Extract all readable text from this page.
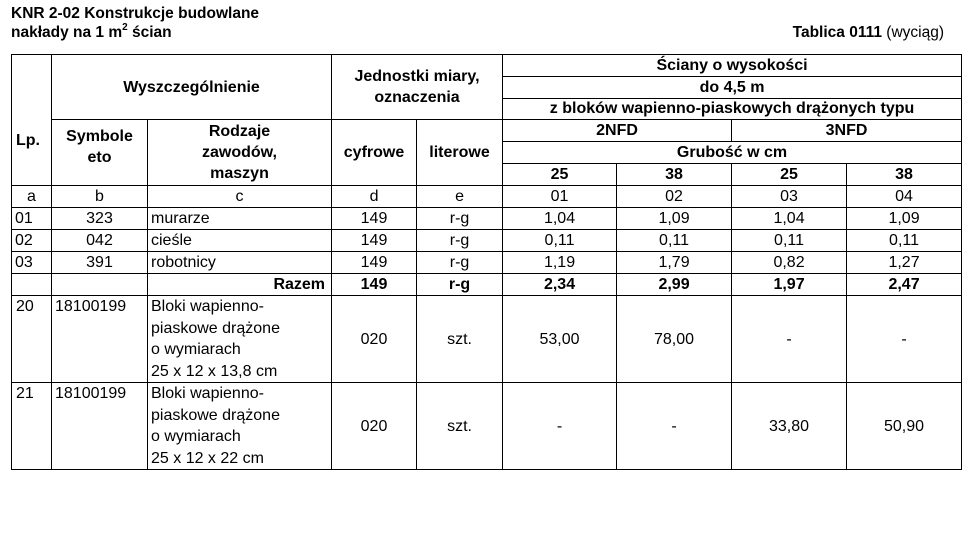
KNR 2-02 Konstrukcje budowlane
nakłady na 1 $m^2$ ścian	Tablica 0111 (wyciąg)
Lp.	Wyszczególnienie		Jednostki miary, oznaczenia		Ściany o wysokości			
					do 4,5 m			
					z bloków wapienno-piaskowych drążonych typu			

	Symbole eto	Rodzaje zawodów, maszyn	cyfrowe	literowe	2NFD		3NFD	
					Grubość w cm			
					25	38	25	38
a	b	c	d	e	01	02	03	04
01	323	murarze	149	r-g	1,04	1,09	1,04	1,09
02	042	cieśle	149	r-g	0,11	0,11	0,11	0,11
03	391	robotnicy	149	r-g	1,19	1,79	0,82	1,27
		Razem	149	r-g	2,34	2,99	1,97	2,47
20	18100199	Bloki wapienno-
piaskowe drążone
o wymiarach
25 x 12 x 13,8 cm	020	szt.	53,00	78,00	-	-
21	18100199	Bloki wapienno-
piaskowe drążone
o wymiarach
25 x 12 x 22 cm	020	szt.	-	-	33,80	50,90
